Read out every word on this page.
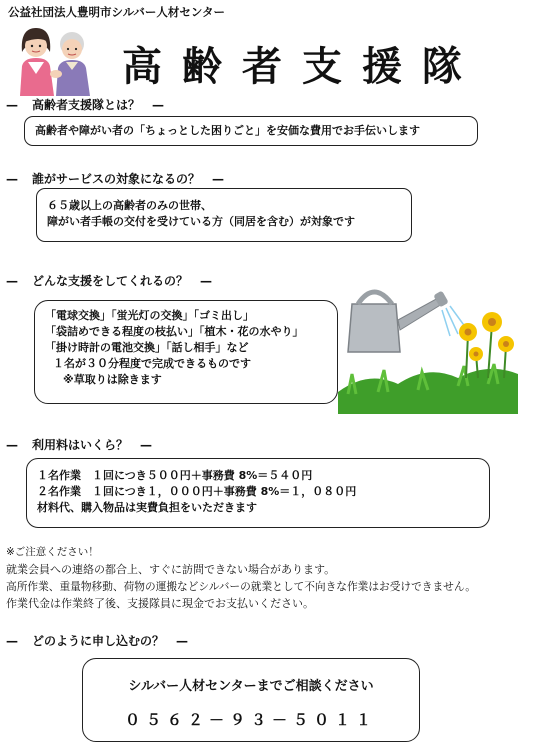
公益社団法人豊明市シルバー人材センター
高齢者支援隊
— 高齢者支援隊とは？ —
高齢者や障がい者の「ちょっとした困りごと」を安価な費用でお手伝いします
— 誰がサービスの対象になるの？ —
６５歳以上の高齢者のみの世帯、
障がい者手帳の交付を受けている方（同居を含む）が対象です
— どんな支援をしてくれるの？ —
「電球交換」「蛍光灯の交換」「ゴミ出し」
「袋詰めできる程度の枝払い」「植木・花の水やり」
「掛け時計の電池交換」「話し相手」など
１名が３０分程度で完成できるものです
※草取りは除きます
— 利用料はいくら？ —
１名作業　１回につき５００円＋事務費 8%＝５４０円
２名作業　１回につき１，０００円＋事務費 8%＝１，０８０円
材料代、購入物品は実費負担をいただきます
※ご注意ください！
就業会員への連絡の都合上、すぐに訪問できない場合があります。
高所作業、重量物移動、荷物の運搬などシルバーの就業として不向きな作業はお受けできません。
作業代金は作業終了後、支援隊員に現金でお支払いください。
— どのように申し込むの？ —
シルバー人材センターまでご相談ください
０５６２－９３－５０１１
